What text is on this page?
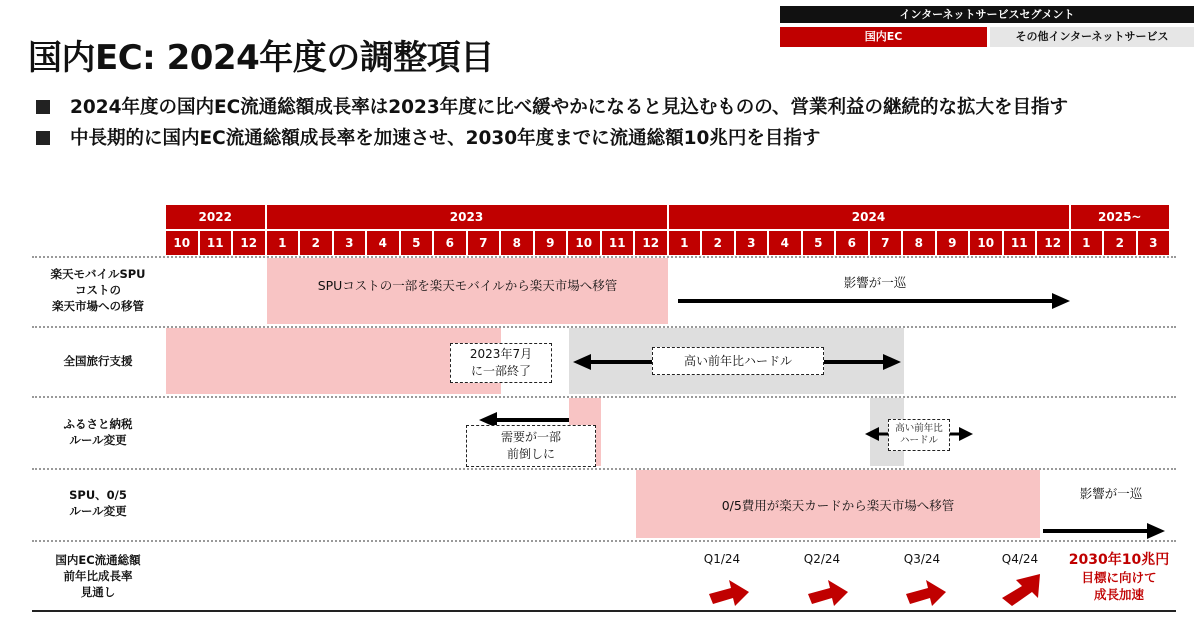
インターネットサービスセグメント
国内EC	その他インターネットサービス
国内EC: 2024年度の調整項目
2024年度の国内EC流通総額成長率は2023年度に比べ緩やかになると見込むものの、営業利益の継続的な拡大を目指す
中長期的に国内EC流通総額成長率を加速させ、2030年度までに流通総額10兆円を目指す
2022	2023	2024	2025~
10	11	12	1	2	3	4	5	6	7	8	9	10	11	12	1	2	3	4	5	6	7	8	9	10	11	12	1	2	3
楽天モバイルSPU
コストの
楽天市場への移管
SPUコストの一部を楽天モバイルから楽天市場へ移管	影響が一巡
全国旅行支援	高い前年比ハードル
2023年7月
に一部終了
ふるさと納税
ルール変更	需要が一部
前倒しに
高い前年比
ハードル
SPU、0/5
ルール変更	0/5費用が楽天カードから楽天市場へ移管
影響が一巡
国内EC流通総額
前年比成長率
見通し
Q1/24	Q2/24	Q3/24	Q4/24	2030年10兆円
目標に向けて
成長加速
